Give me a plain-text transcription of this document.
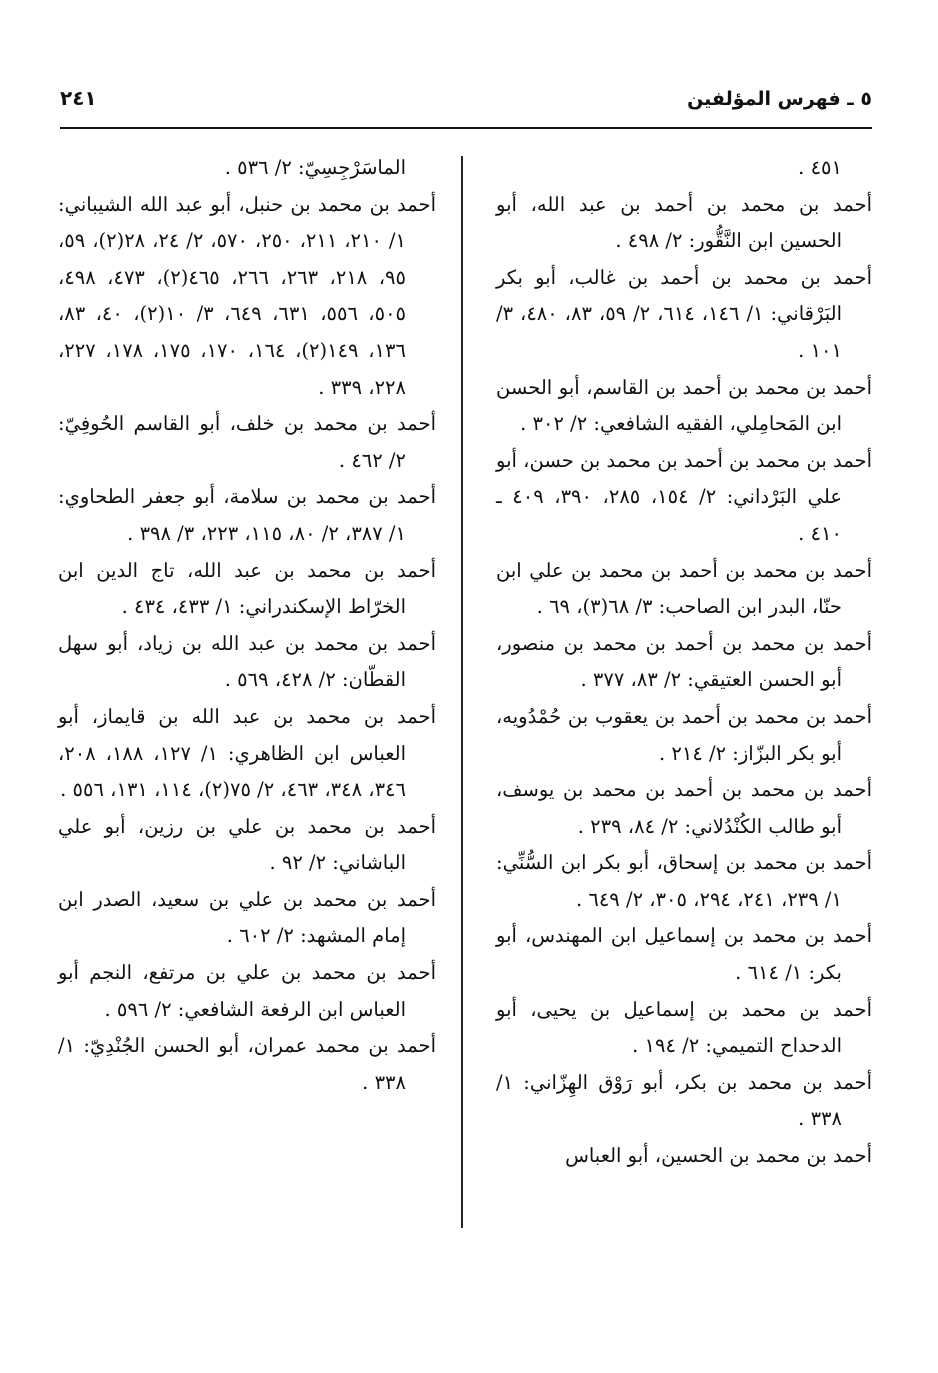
٥ ـ فهرس المؤلفين
٢٤١

٤٥١ .

أحمد بن محمد بن أحمد بن عبد الله، أبو الحسين ابن النَّقُّور: ٢/ ٤٩٨ .

أحمد بن محمد بن أحمد بن غالب، أبو بكر البَرْقاني: ١/ ١٤٦، ٦١٤، ٢/ ٥٩، ٨٣، ٤٨٠، ٣/ ١٠١ .

أحمد بن محمد بن أحمد بن القاسم، أبو الحسن ابن المَحامِلي، الفقيه الشافعي: ٢/ ٣٠٢ .

أحمد بن محمد بن أحمد بن محمد بن حسن، أبو علي البَرْداني: ٢/ ١٥٤، ٢٨٥، ٣٩٠، ٤٠٩ ـ ٤١٠ .

أحمد بن محمد بن أحمد بن محمد بن علي ابن حنّا، البدر ابن الصاحب: ٣/ ٦٨(٣)، ٦٩ .

أحمد بن محمد بن أحمد بن محمد بن منصور، أبو الحسن العتيقي: ٢/ ٨٣، ٣٧٧ .

أحمد بن محمد بن أحمد بن يعقوب بن حُمْدُويه، أبو بكر البزّاز: ٢/ ٢١٤ .

أحمد بن محمد بن أحمد بن محمد بن يوسف، أبو طالب الكُنْدُلاني: ٢/ ٨٤، ٢٣٩ .

أحمد بن محمد بن إسحاق، أبو بكر ابن السُّنِّي: ١/ ٢٣٩، ٢٤١، ٢٩٤، ٣٠٥، ٢/ ٦٤٩ .

أحمد بن محمد بن إسماعيل ابن المهندس، أبو بكر: ١/ ٦١٤ .

أحمد بن محمد بن إسماعيل بن يحيى، أبو الدحداح التميمي: ٢/ ١٩٤ .

أحمد بن محمد بن بكر، أبو رَوْق الهِزّاني: ١/ ٣٣٨ .

أحمد بن محمد بن الحسين، أبو العباس

الماسَرْجِسِيّ: ٢/ ٥٣٦ .

أحمد بن محمد بن حنبل، أبو عبد الله الشيباني: ١/ ٢١٠، ٢١١، ٢٥٠، ٥٧٠، ٢/ ٢٤، ٢٨(٢)، ٥٩، ٩٥، ٢١٨، ٢٦٣، ٢٦٦، ٤٦٥(٢)، ٤٧٣، ٤٩٨، ٥٠٥، ٥٥٦، ٦٣١، ٦٤٩، ٣/ ١٠(٢)، ٤٠، ٨٣، ١٣٦، ١٤٩(٢)، ١٦٤، ١٧٠، ١٧٥، ١٧٨، ٢٢٧، ٢٢٨، ٣٣٩ .

أحمد بن محمد بن خلف، أبو القاسم الحُوفِيّ: ٢/ ٤٦٢ .

أحمد بن محمد بن سلامة، أبو جعفر الطحاوي: ١/ ٣٨٧، ٢/ ٨٠، ١١٥، ٢٢٣، ٣/ ٣٩٨ .

أحمد بن محمد بن عبد الله، تاج الدين ابن الخرّاط الإسكندراني: ١/ ٤٣٣، ٤٣٤ .

أحمد بن محمد بن عبد الله بن زياد، أبو سهل القطّان: ٢/ ٤٢٨، ٥٦٩ .

أحمد بن محمد بن عبد الله بن قايماز، أبو العباس ابن الظاهري: ١/ ١٢٧، ١٨٨، ٢٠٨، ٣٤٦، ٣٤٨، ٤٦٣، ٢/ ٧٥(٢)، ١١٤، ١٣١، ٥٥٦ .

أحمد بن محمد بن علي بن رزين، أبو علي الباشاني: ٢/ ٩٢ .

أحمد بن محمد بن علي بن سعيد، الصدر ابن إمام المشهد: ٢/ ٦٠٢ .

أحمد بن محمد بن علي بن مرتفع، النجم أبو العباس ابن الرفعة الشافعي: ٢/ ٥٩٦ .

أحمد بن محمد عمران، أبو الحسن الجُنْدِيّ: ١/ ٣٣٨ .
